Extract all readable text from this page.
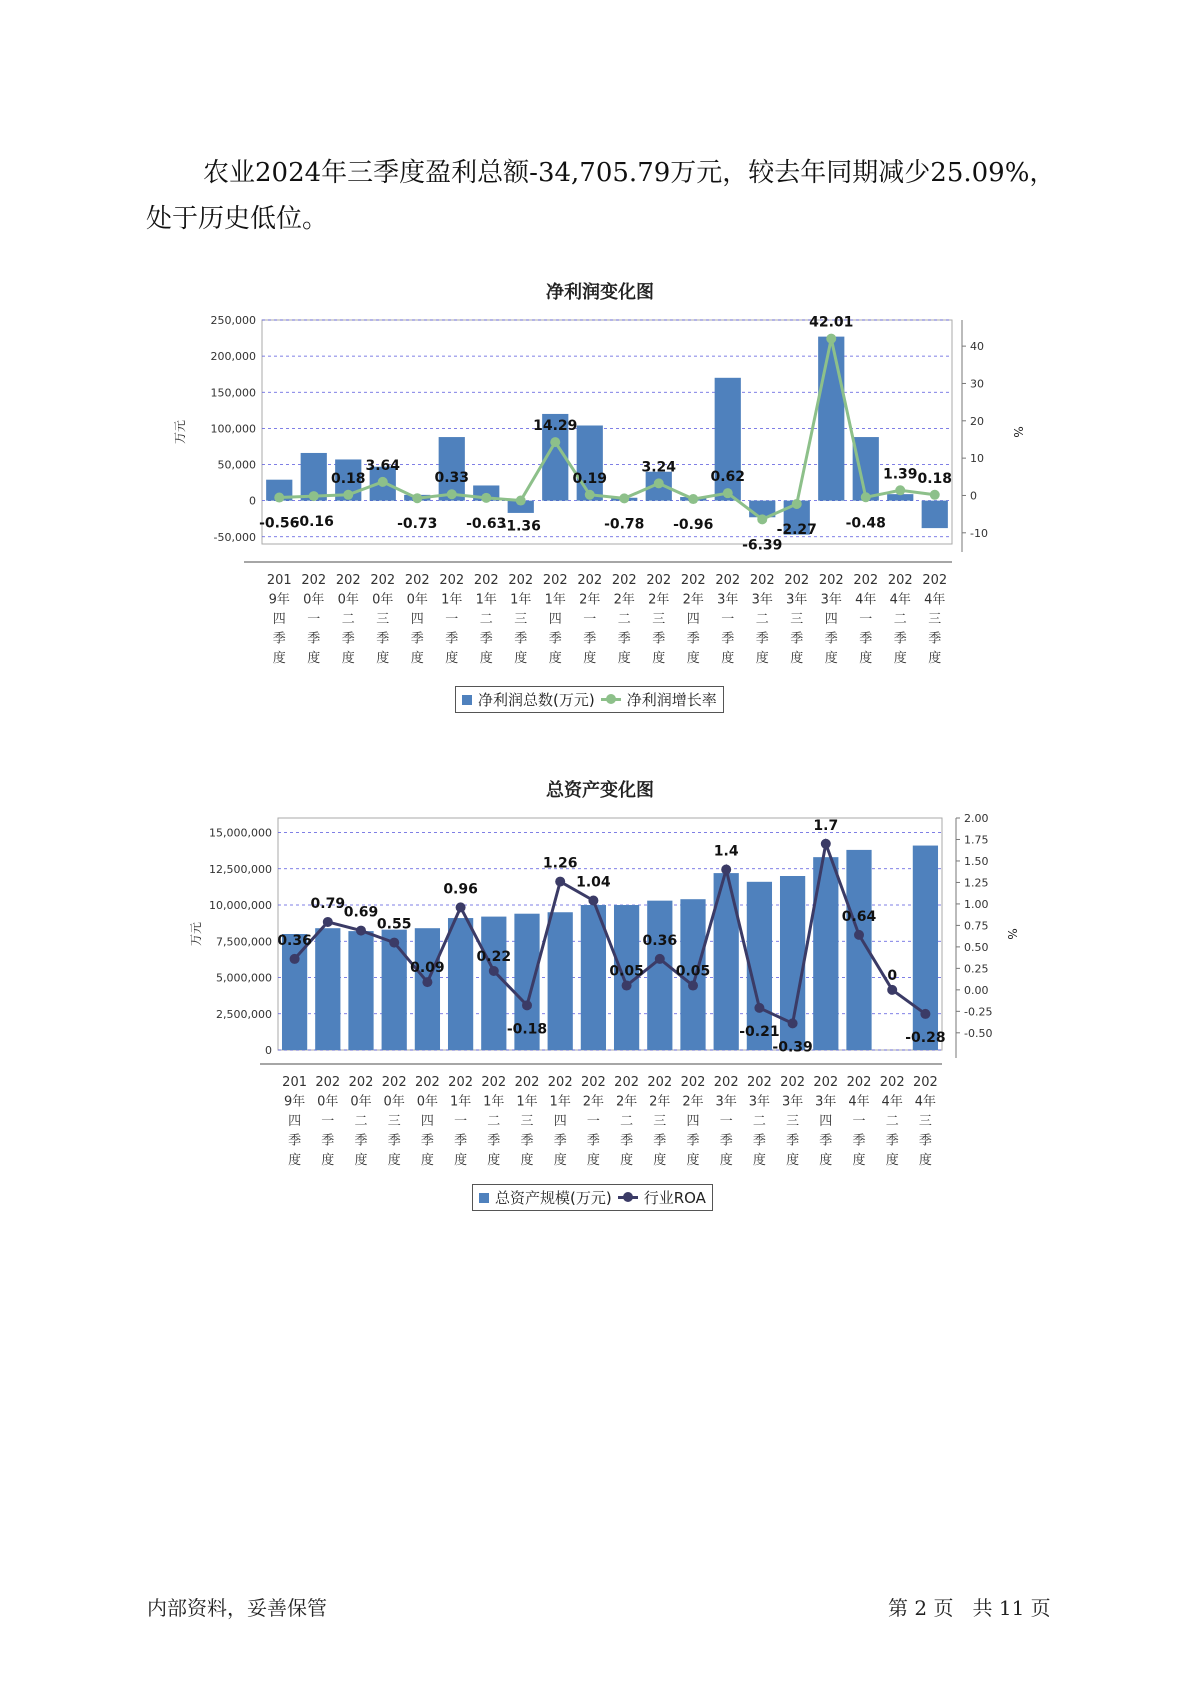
农业2024年三季度盈利总额-34,705.79万元，较去年同期减少25.09%，
处于历史低位。
净利润变化图
-50,000
0
50,000
100,000
150,000
200,000
250,000
-10
0
10
20
30
40
万元	%
-0.56
-0.16
0.18
3.64
-0.73
0.33
-0.63
-1.36
14.29
0.19
-0.78
3.24
-0.96
0.62
-6.39
-2.27
42.01
-0.48
1.39 0.18
201 9年四季度
202 0年一季度
202 0年二季度
202 0年三季度
202 0年四季度
202 1年一季度
202 1年二季度
202 1年三季度
202 1年四季度
202 2年一季度
202 2年二季度
202 2年三季度
202 2年四季度
202 3年一季度
202 3年二季度
202 3年三季度
202 3年四季度
202 4年一季度
202 4年二季度
202 4年三季度
净利润总数(万元) 净利润增长率
总资产变化图
0
2,500,000
5,000,000
7,500,000
10,000,000
12,500,000
15,000,000
-0.50
-0.25
0.00
0.25
0.50
0.75
1.00
1.25
1.50
1.75
2.00
万元	%
0.36
0.79
0.69
0.55
0.09
0.96
0.22
-0.18
1.26
1.04
0.05
0.36
0.05
1.4
-0.21
-0.39
1.7
0.64
0
-0.28
201 9年四季度
202 0年一季度
202 0年二季度
202 0年三季度
202 0年四季度
202 1年一季度
202 1年二季度
202 1年三季度
202 1年四季度
202 2年一季度
202 2年二季度
202 2年三季度
202 2年四季度
202 3年一季度
202 3年二季度
202 3年三季度
202 3年四季度
202 4年一季度
202 4年二季度
202 4年三季度
总资产规模(万元) 行业ROA
内部资料，妥善保管	第 2 页   共 11 页
